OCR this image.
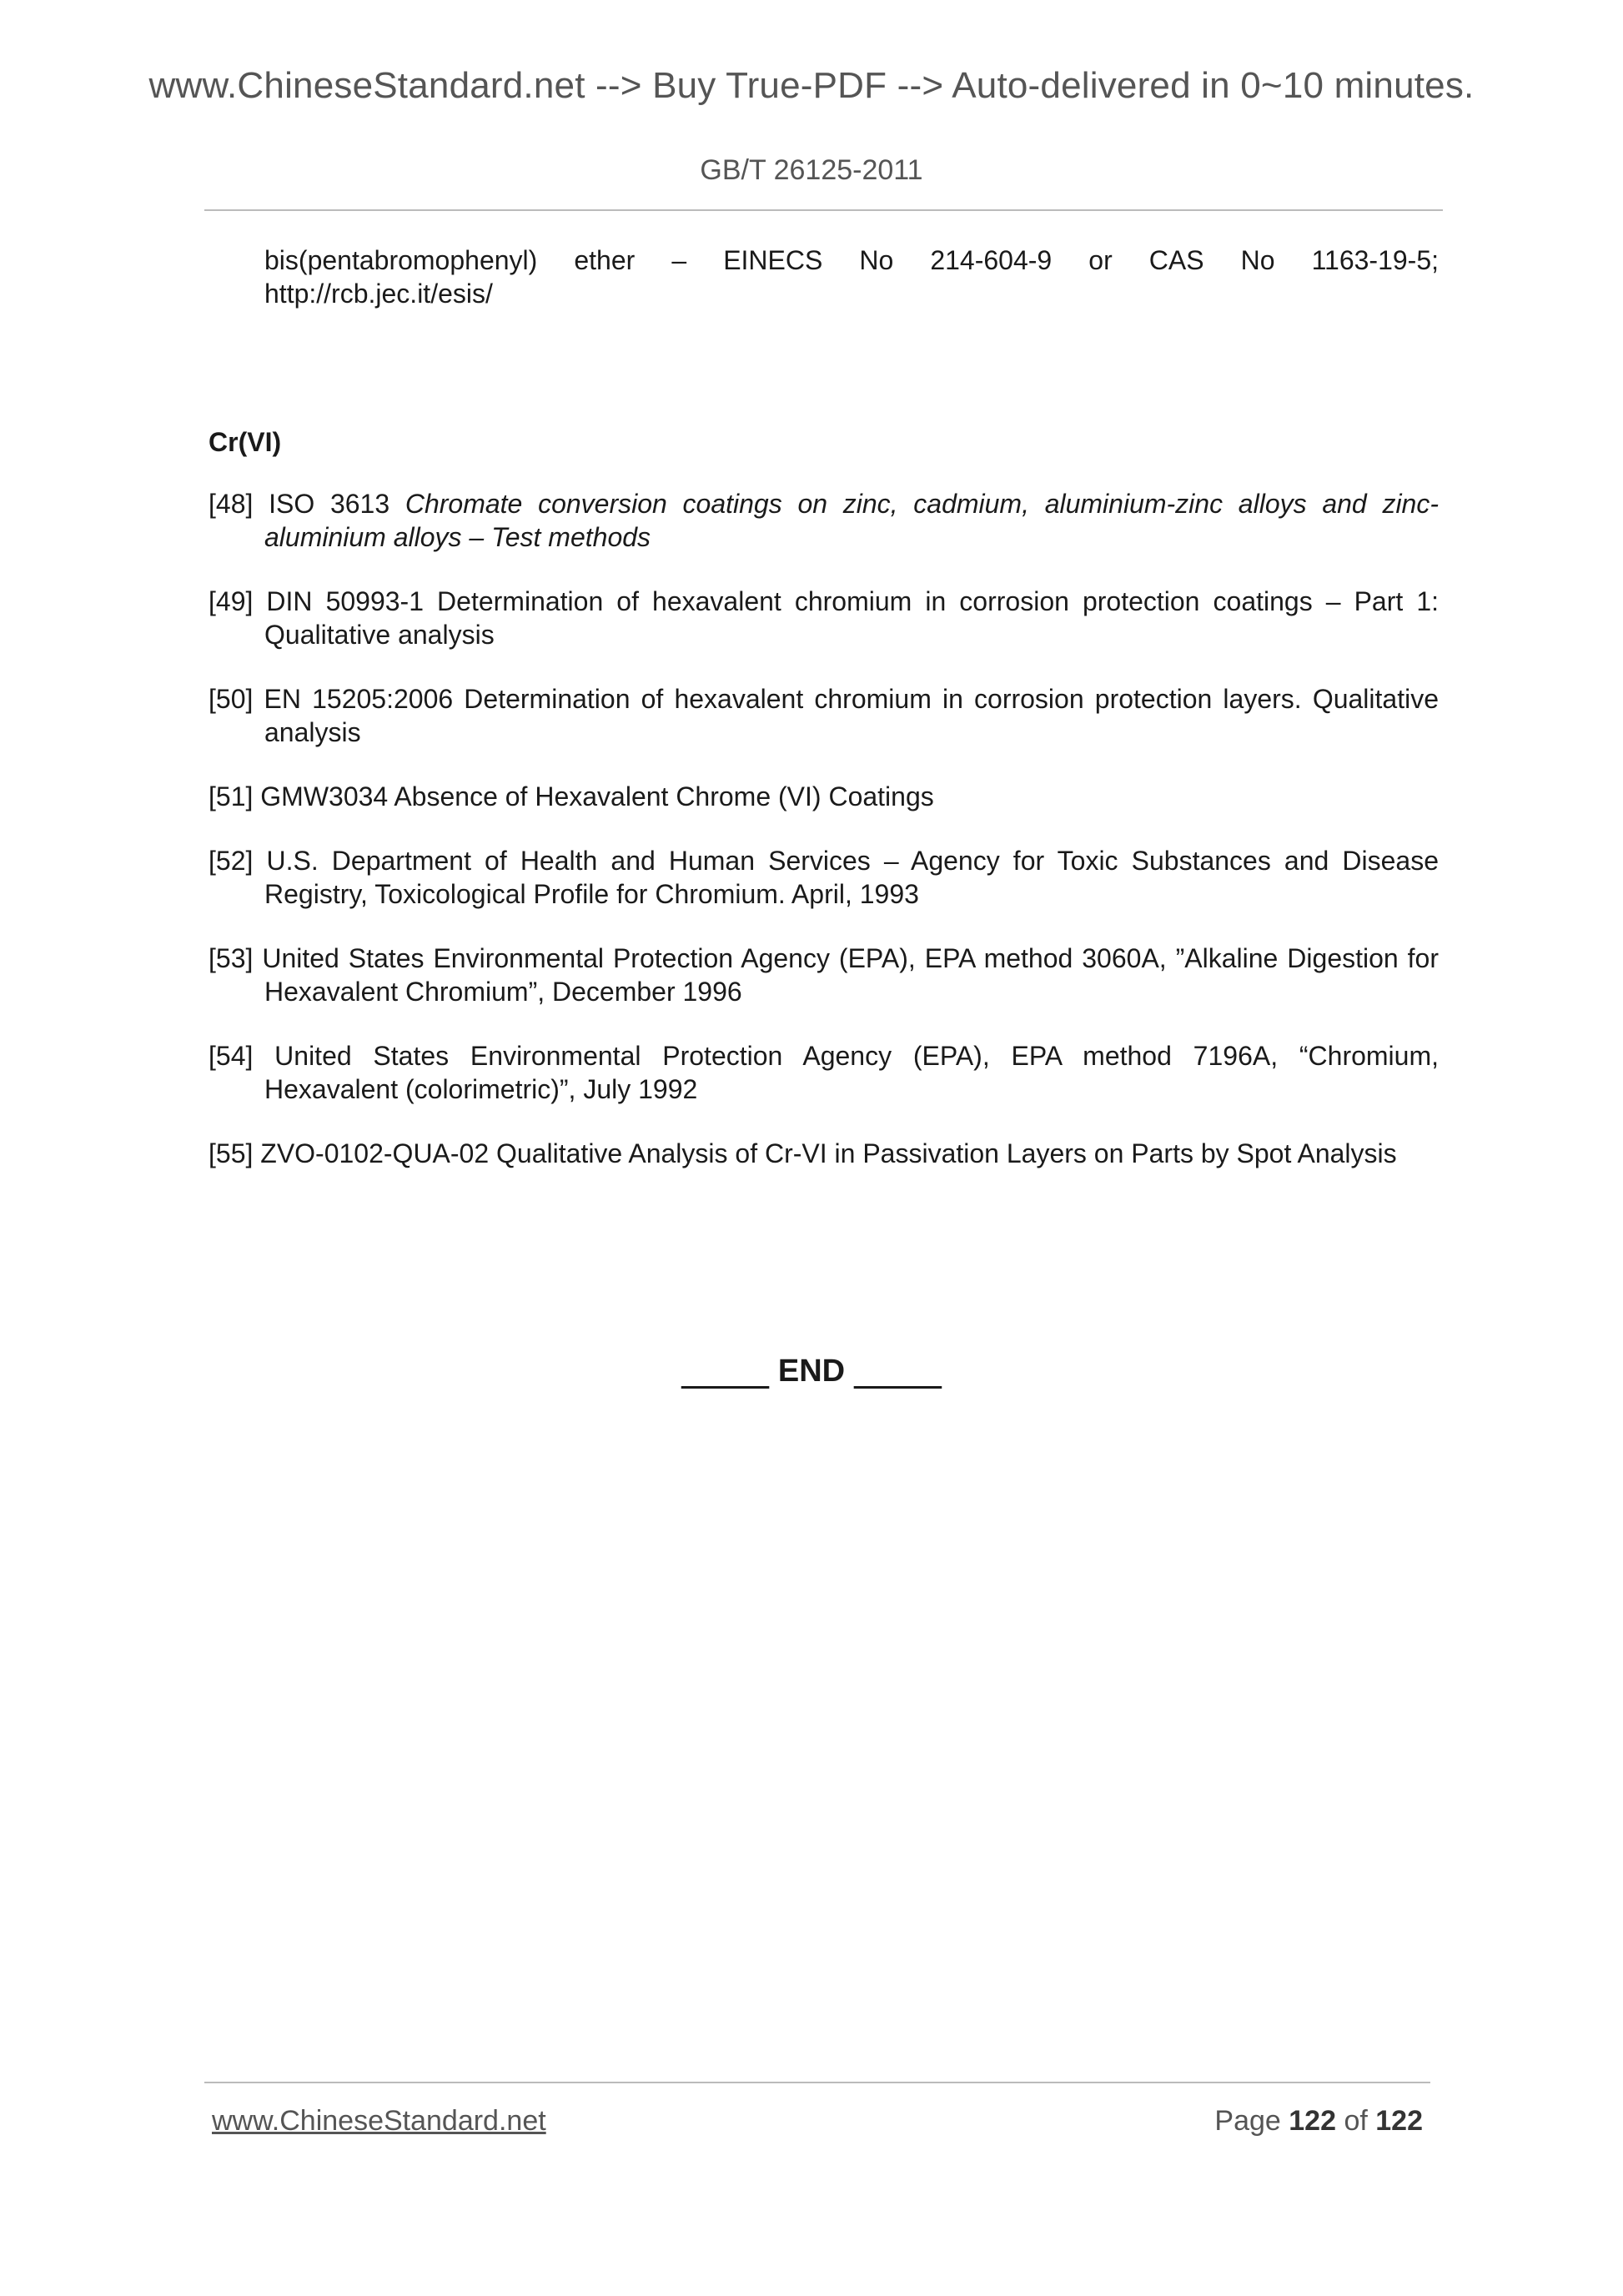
www.ChineseStandard.net --> Buy True-PDF --> Auto-delivered in 0~10 minutes.
GB/T 26125-2011

bis(pentabromophenyl) ether – EINECS No 214-604-9 or CAS No 1163-19-5;
http://rcb.jec.it/esis/

Cr(VI)

[48] ISO 3613 Chromate conversion coatings on zinc, cadmium, aluminium-zinc alloys and zinc-aluminium alloys – Test methods

[49] DIN 50993-1 Determination of hexavalent chromium in corrosion protection coatings – Part 1: Qualitative analysis

[50] EN 15205:2006 Determination of hexavalent chromium in corrosion protection layers. Qualitative analysis

[51] GMW3034 Absence of Hexavalent Chrome (VI) Coatings

[52] U.S. Department of Health and Human Services – Agency for Toxic Substances and Disease Registry, Toxicological Profile for Chromium. April, 1993

[53] United States Environmental Protection Agency (EPA), EPA method 3060A, ”Alkaline Digestion for Hexavalent Chromium”, December 1996

[54] United States Environmental Protection Agency (EPA), EPA method 7196A, “Chromium, Hexavalent (colorimetric)”, July 1992

[55] ZVO-0102-QUA-02 Qualitative Analysis of Cr-VI in Passivation Layers on Parts by Spot Analysis

END
www.ChineseStandard.net	Page 122 of 122
